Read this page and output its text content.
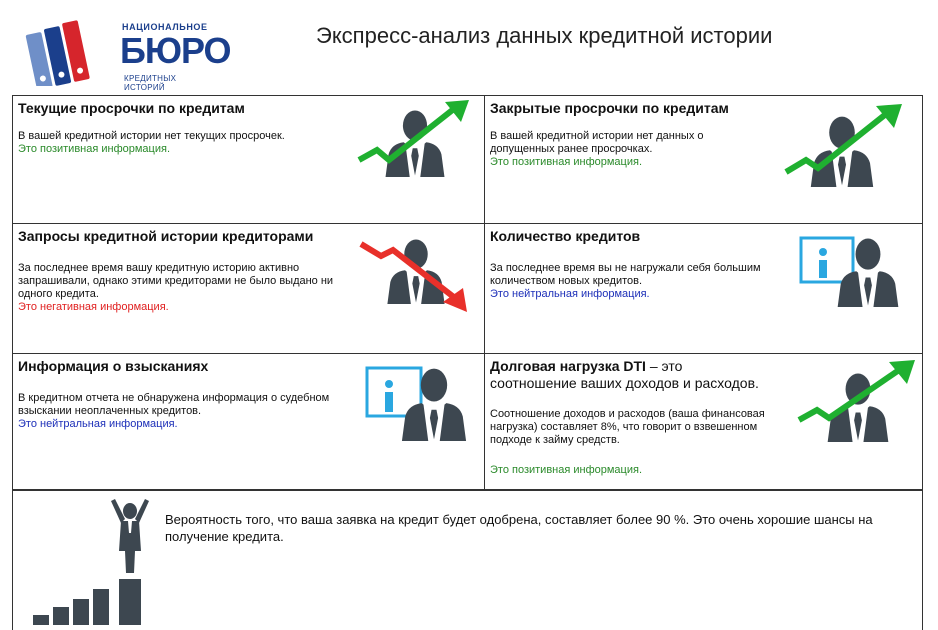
НАЦИОНАЛЬНОЕ
БЮРО
КРЕДИТНЫХ ИСТОРИЙ
Экспресс-анализ данных кредитной истории
Текущие просрочки по кредитам
В вашей кредитной истории нет текущих просрочек.
Это позитивная информация.
Закрытые просрочки по кредитам
В вашей кредитной истории нет данных о допущенных ранее просрочках.
Это позитивная информация.
Запросы кредитной истории кредиторами
За последнее время вашу кредитную историю активно запрашивали, однако этими кредиторами не было выдано ни одного кредита.
Это негативная информация.
Количество кредитов
За последнее время вы не нагружали себя большим количеством новых кредитов.
Это нейтральная информация.
Информация о взысканиях
В кредитном отчета не обнаружена информация о судебном взыскании неоплаченных кредитов.
Это нейтральная информация.
Долговая нагрузка DTI – это
соотношение ваших доходов и расходов.
Соотношение доходов и расходов (ваша финансовая нагрузка) составляет 8%, что говорит о взвешенном подходе к займу средств.
Это позитивная информация.
Вероятность того, что ваша заявка на кредит будет одобрена, составляет более 90 %. Это очень хорошие шансы на получение кредита.
